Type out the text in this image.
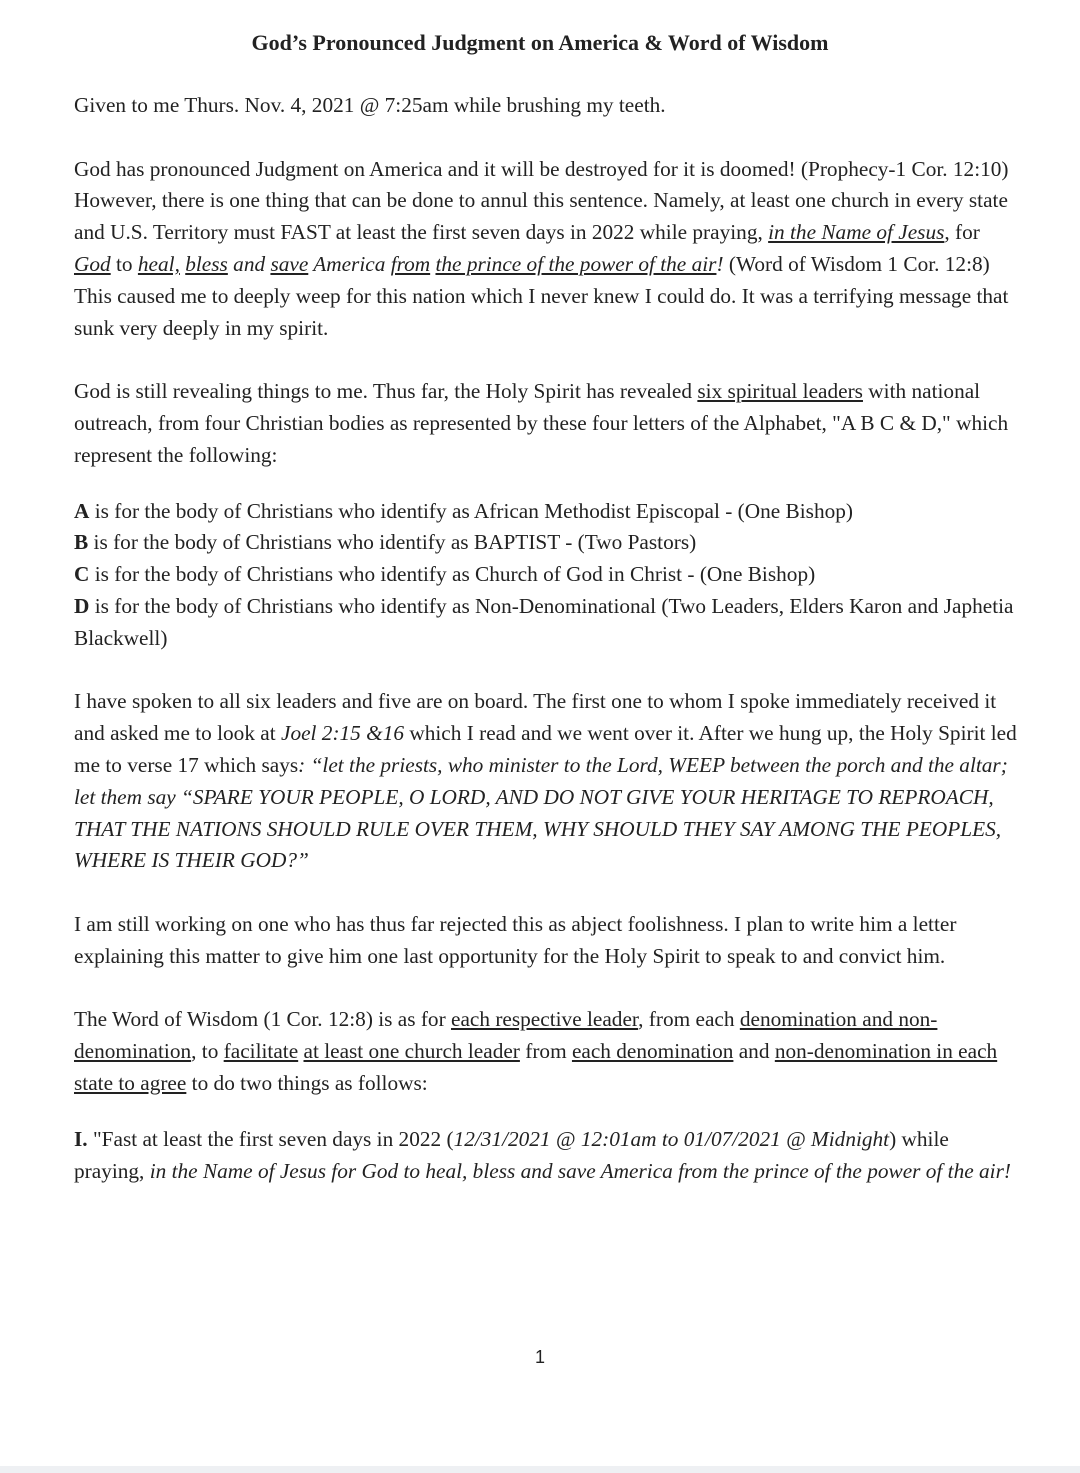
God’s Pronounced Judgment on America & Word of Wisdom

Given to me Thurs. Nov. 4, 2021 @ 7:25am while brushing my teeth.

God has pronounced Judgment on America and it will be destroyed for it is doomed! (Prophecy-1 Cor. 12:10) However, there is one thing that can be done to annul this sentence. Namely, at least one church in every state and U.S. Territory must FAST at least the first seven days in 2022 while praying, in the Name of Jesus, for God to heal, bless and save America from the prince of the power of the air! (Word of Wisdom 1 Cor. 12:8) This caused me to deeply weep for this nation which I never knew I could do. It was a terrifying message that sunk very deeply in my spirit.

God is still revealing things to me. Thus far, the Holy Spirit has revealed six spiritual leaders with national outreach, from four Christian bodies as represented by these four letters of the Alphabet, "A B C & D," which represent the following:

A is for the body of Christians who identify as African Methodist Episcopal - (One Bishop)

B is for the body of Christians who identify as BAPTIST - (Two Pastors)

C is for the body of Christians who identify as Church of God in Christ - (One Bishop)

D is for the body of Christians who identify as Non-Denominational (Two Leaders, Elders Karon and Japhetia Blackwell)

I have spoken to all six leaders and five are on board. The first one to whom I spoke immediately received it and asked me to look at Joel 2:15 &16 which I read and we went over it. After we hung up, the Holy Spirit led me to verse 17 which says: “let the priests, who minister to the Lord, WEEP between the porch and the altar; let them say “SPARE YOUR PEOPLE, O LORD, AND DO NOT GIVE YOUR HERITAGE TO REPROACH, THAT THE NATIONS SHOULD RULE OVER THEM, WHY SHOULD THEY SAY AMONG THE PEOPLES, WHERE IS THEIR GOD?”

I am still working on one who has thus far rejected this as abject foolishness. I plan to write him a letter explaining this matter to give him one last opportunity for the Holy Spirit to speak to and convict him.

The Word of Wisdom (1 Cor. 12:8) is as for each respective leader, from each denomination and non-denomination, to facilitate at least one church leader from each denomination and non-denomination in each state to agree to do two things as follows:

I. "Fast at least the first seven days in 2022 (12/31/2021 @ 12:01am to 01/07/2021 @ Midnight) while praying, in the Name of Jesus for God to heal, bless and save America from the prince of the power of the air!

1
